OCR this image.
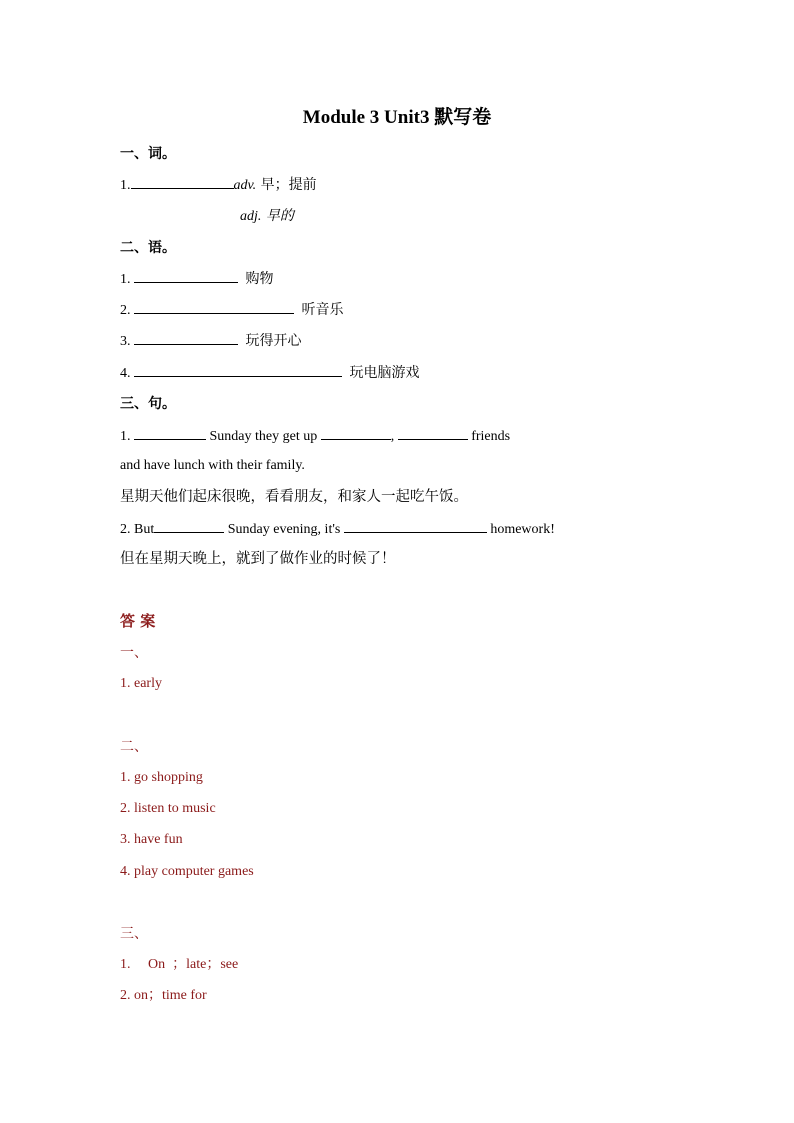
Module 3 Unit3 默写卷
一、词。
1.	adv. 早；提前
adj. 早的
二、语。
1.	购物
2.	听音乐
3.	玩得开心
4.	玩电脑游戏
三、句。
1.	Sunday they get up	,	friends
and have lunch with their family.
星期天他们起床很晚，看看朋友，和家人一起吃午饭。
2. But	Sunday evening, it's	homework!
但在星期天晚上，就到了做作业的时候了！
答 案
一、
1. early
二、
1. go shopping
2. listen to music
3. have fun
4. play computer games
三、
1.     On  ；late；see
2. on；time for
